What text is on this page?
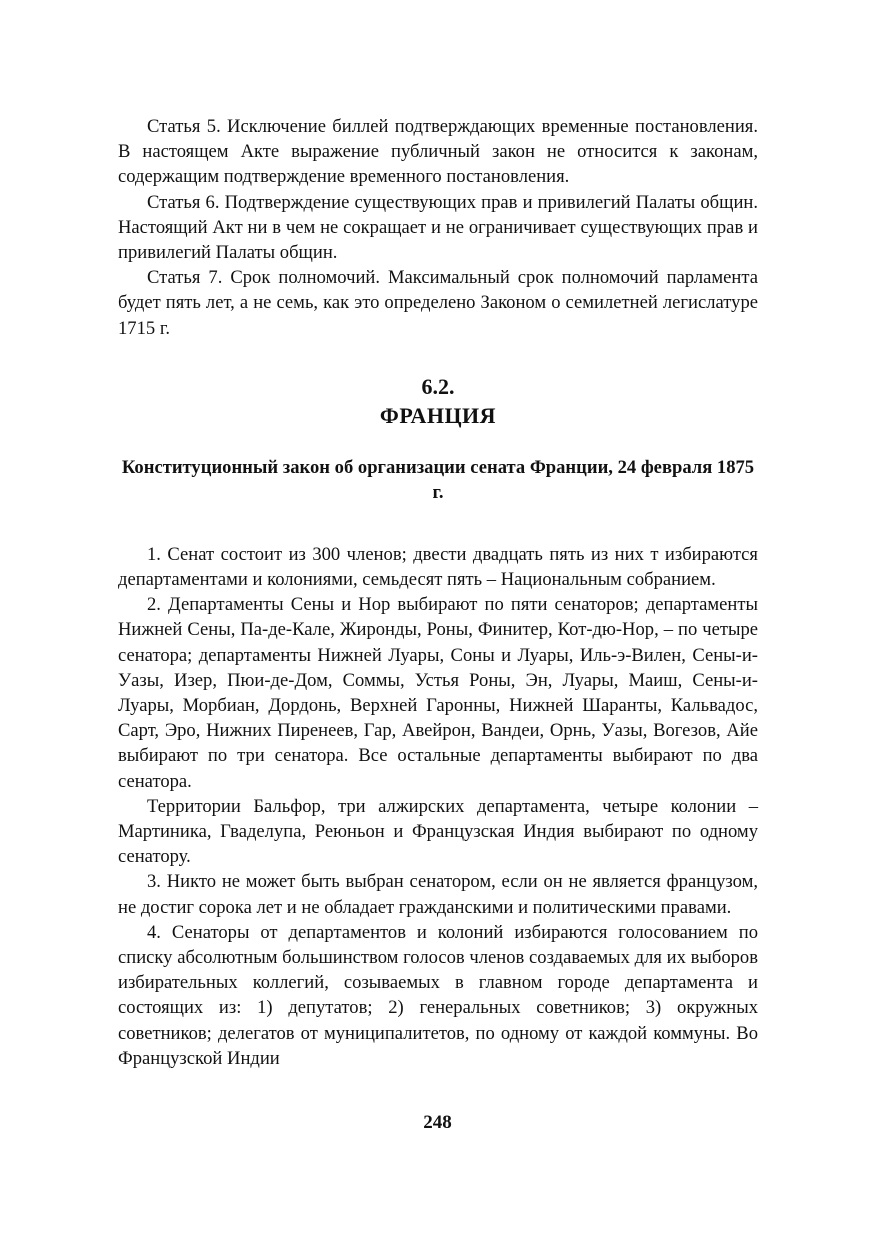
Статья 5. Исключение биллей подтверждающих временные постановления. В настоящем Акте выражение публичный закон не относится к законам, содержащим подтверждение временного постановления.

Статья 6. Подтверждение существующих прав и привилегий Палаты общин. Настоящий Акт ни в чем не сокращает и не ограничивает существующих прав и привилегий Палаты общин.

Статья 7. Срок полномочий. Максимальный срок полномочий парламента будет пять лет, а не семь, как это определено Законом о семилетней легислатуре 1715 г.

6.2.
ФРАНЦИЯ
Конституционный закон об организации сената Франции, 24 февраля 1875 г.

1. Сенат состоит из 300 членов; двести двадцать пять из них т избираются департаментами и колониями, семьдесят пять – Национальным собранием.

2. Департаменты Сены и Нор выбирают по пяти сенаторов; департаменты Нижней Сены, Па-де-Кале, Жиронды, Роны, Финитер, Кот-дю-Нор, – по четыре сенатора; департаменты Нижней Луары, Соны и Луары, Иль-э-Вилен, Сены-и-Уазы, Изер, Пюи-де-Дом, Соммы, Устья Роны, Эн, Луары, Маиш, Сены-и-Луары, Морбиан, Дордонь, Верхней Гаронны, Нижней Шаранты, Кальвадос, Сарт, Эро, Нижних Пиренеев, Гар, Авейрон, Вандеи, Орнь, Уазы, Вогезов, Айе выбирают по три сенатора. Все остальные департаменты выбирают по два сенатора.

Территории Бальфор, три алжирских департамента, четыре колонии – Мартиника, Гваделупа, Реюньон и Французская Индия выбирают по одному сенатору.

3. Никто не может быть выбран сенатором, если он не является французом, не достиг сорока лет и не обладает гражданскими и политическими правами.

4. Сенаторы от департаментов и колоний избираются голосованием по списку абсолютным большинством голосов членов создаваемых для их выборов избирательных коллегий, созываемых в главном городе департамента и состоящих из: 1) депутатов; 2) генеральных советников; 3) окружных советников; делегатов от муниципалитетов, по одному от каждой коммуны. Во Французской Индии

248
